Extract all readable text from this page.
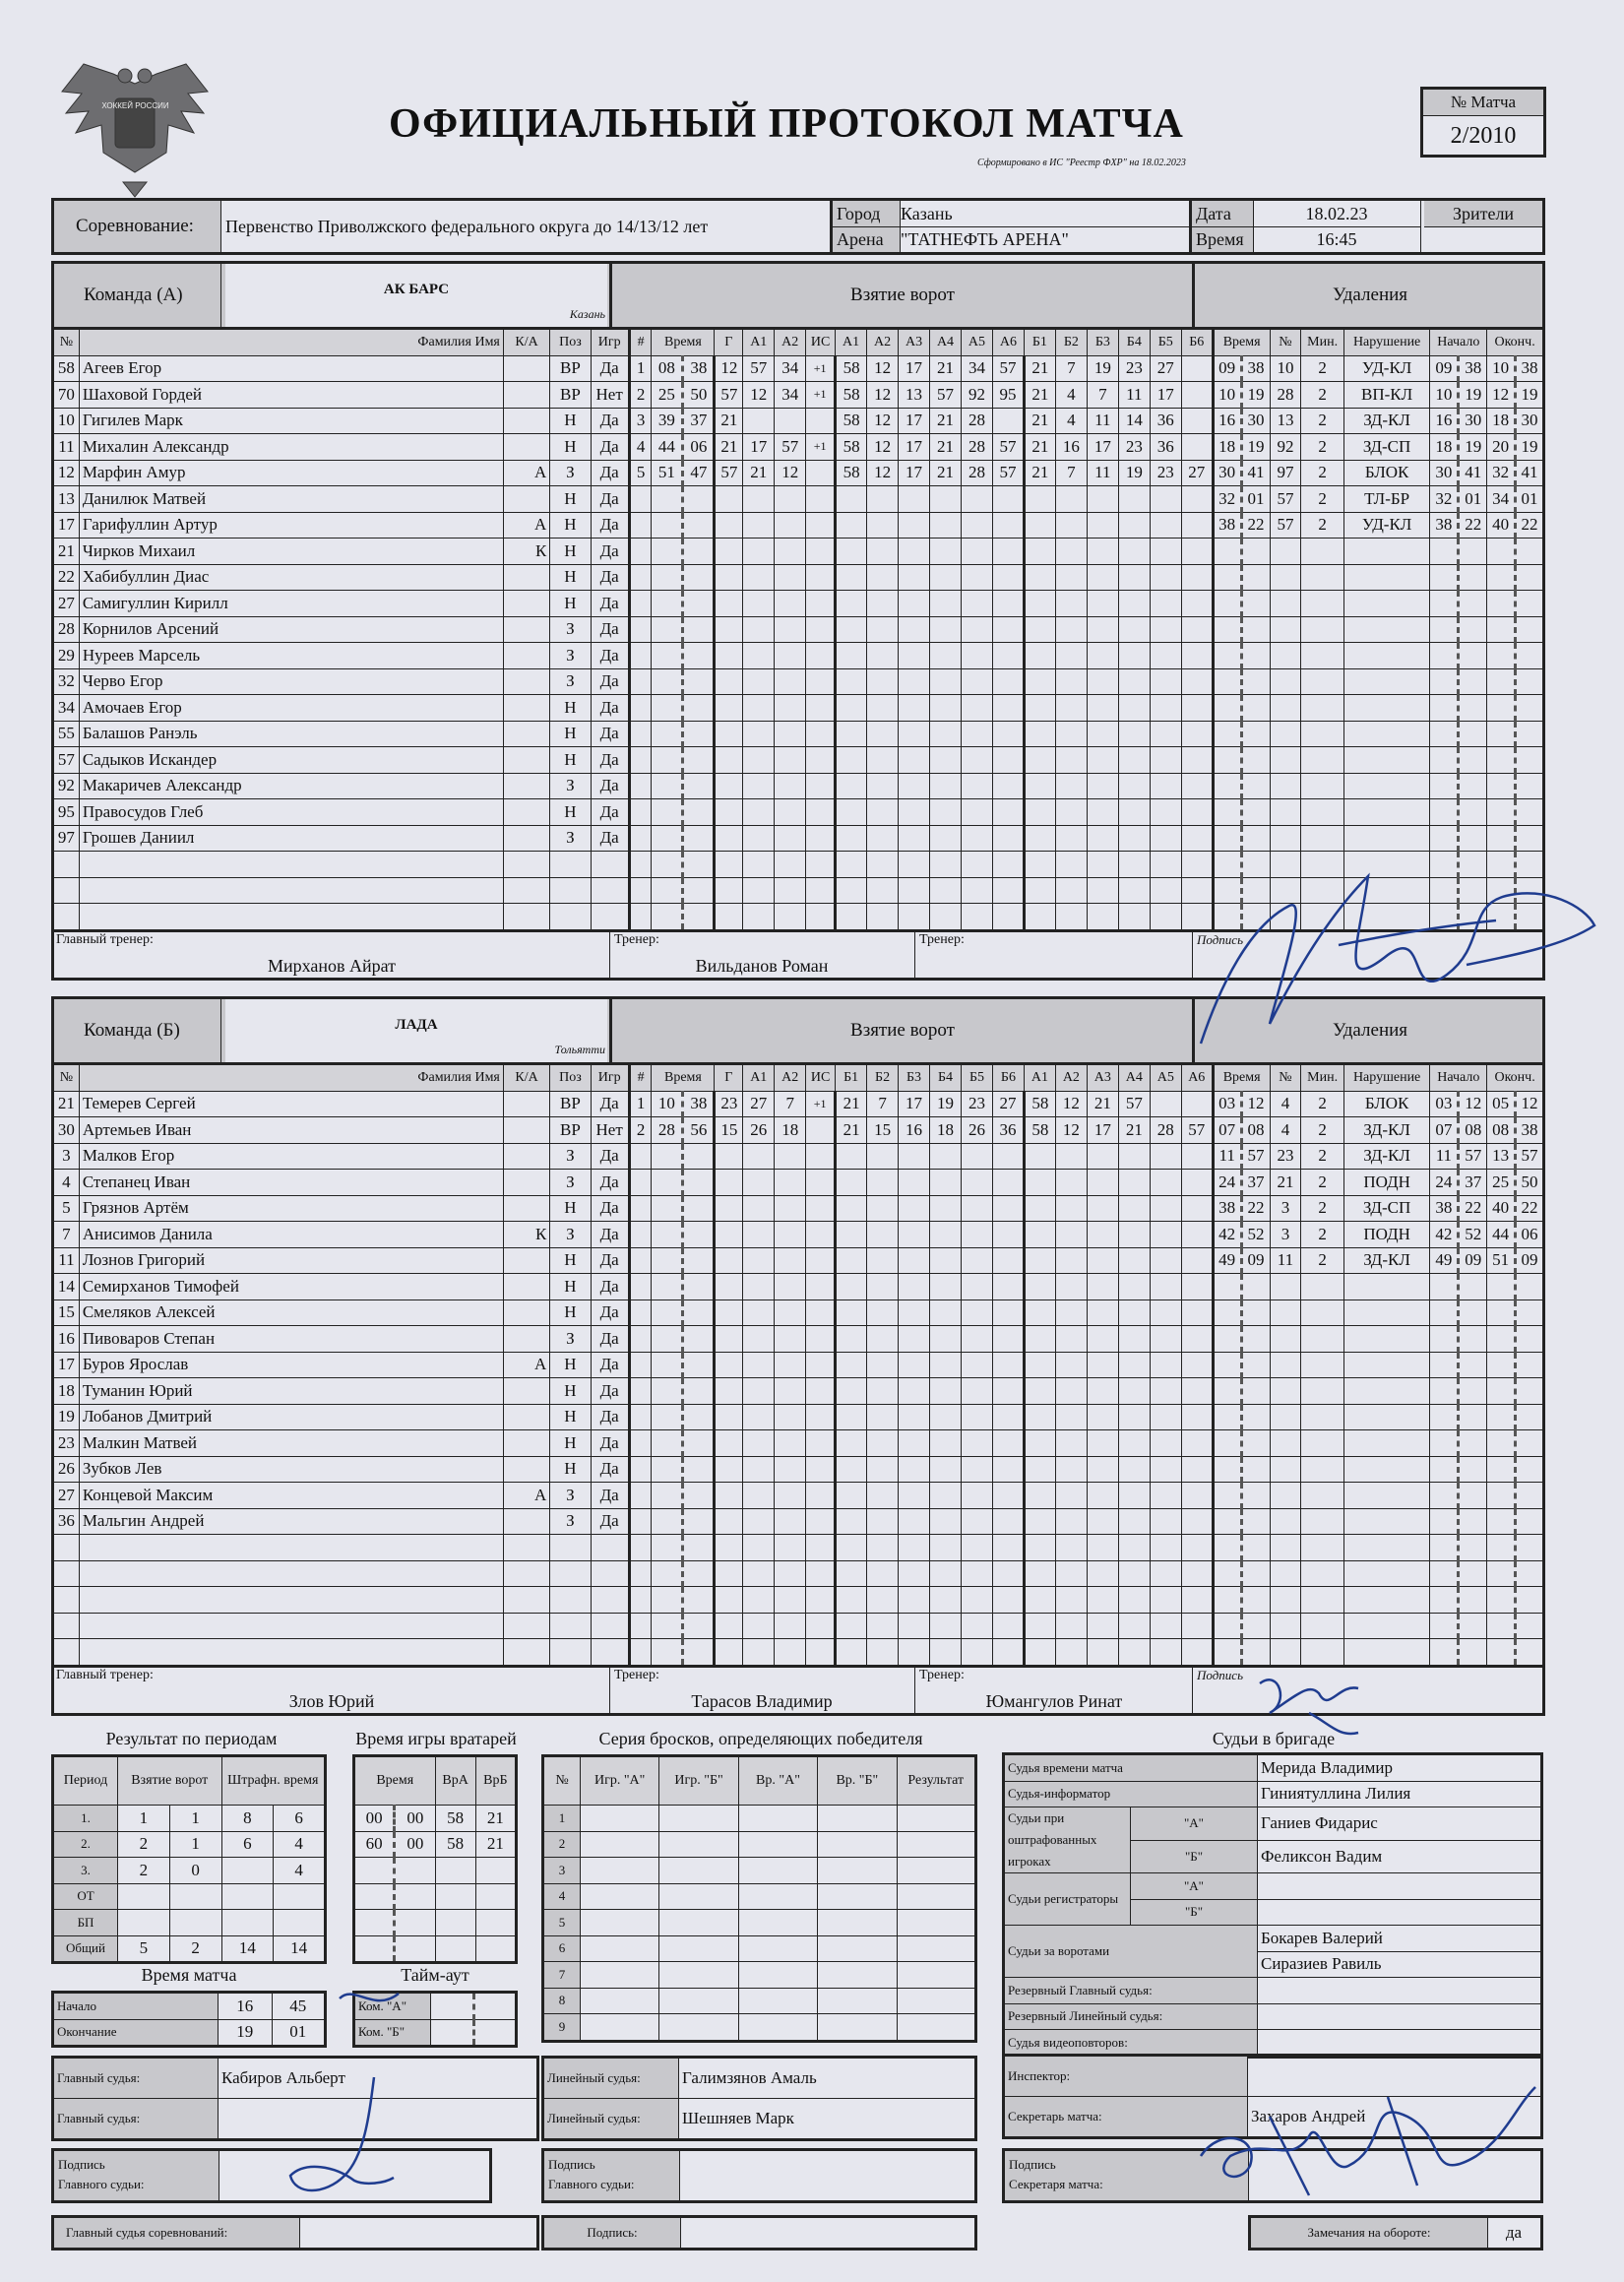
ХОККЕЙ РОССИИ	ОФИЦИАЛЬНЫЙ ПРОТОКОЛ МАТЧА
Сформировано в ИС "Реестр ФХР" на 18.02.2023
№ Матча
2/2010
Соревнование:	Первенство Приволжского федерального округа до 14/13/12 лет
Город	Казань
Арена "ТАТНЕФТЬ АРЕНА"
Дата	18.02.23
Время	16:45
Зрители
Команда (А)	АК БАРС
Казань
Взятие ворот	Удаления
№	Фамилия Имя	К/А	Поз	Игр	#	Время		Г	А1	А2	ИС	А1	А2	А3	А4	А5	А6	Б1	Б2	Б3	Б4	Б5	Б6	Время		№	Мин.	Нарушение	Начало		Оконч.	
58	Агеев Егор		ВР	Да	1	08	38	12	57	34	+1	58	12	17	21	34	57	21	7	19	23	27		09	38	10	2	УД-КЛ	09	38	10	38
70	Шаховой Гордей		ВР	Нет	2	25	50	57	12	34	+1	58	12	13	57	92	95	21	4	7	11	17		10	19	28	2	ВП-КЛ	10	19	12	19
10	Гигилев Марк		Н	Да	3	39	37	21				58	12	17	21	28		21	4	11	14	36		16	30	13	2	ЗД-КЛ	16	30	18	30
11	Михалин Александр		Н	Да	4	44	06	21	17	57	+1	58	12	17	21	28	57	21	16	17	23	36		18	19	92	2	ЗД-СП	18	19	20	19
12	Марфин Амур	А	З	Да	5	51	47	57	21	12		58	12	17	21	28	57	21	7	11	19	23	27	30	41	97	2	БЛОК	30	41	32	41
13	Данилюк Матвей		Н	Да																				32	01	57	2	ТЛ-БР	32	01	34	01
17	Гарифуллин Артур	А	Н	Да																				38	22	57	2	УД-КЛ	38	22	40	22
21	Чирков Михаил	К	Н	Да																												
22	Хабибуллин Диас		Н	Да																												
27	Самигуллин Кирилл		Н	Да																												
28	Корнилов Арсений		З	Да																												
29	Нуреев Марсель		З	Да																												
32	Черво Егор		З	Да																												
34	Амочаев Егор		Н	Да																												
55	Балашов Ранэль		Н	Да																												
57	Садыков Искандер		Н	Да																												
92	Макаричев Александр		З	Да																												
95	Правосудов Глеб		Н	Да																												
97	Грошев Даниил		З	Да																												

Главный тренер:
Мирханов Айрат
Тренер:
Вильданов Роман
Тренер:	Подпись
Команда (Б)	ЛАДА
Тольятти
Взятие ворот	Удаления
№	Фамилия Имя	К/А	Поз	Игр	#	Время		Г	А1	А2	ИС	Б1	Б2	Б3	Б4	Б5	Б6	А1	А2	А3	А4	А5	А6	Время		№	Мин.	Нарушение	Начало		Оконч.	
21	Темерев Сергей		ВР	Да	1	10	38	23	27	7	+1	21	7	17	19	23	27	58	12	21	57			03	12	4	2	БЛОК	03	12	05	12
30	Артемьев Иван		ВР	Нет	2	28	56	15	26	18		21	15	16	18	26	36	58	12	17	21	28	57	07	08	4	2	ЗД-КЛ	07	08	08	38
3	Малков Егор		З	Да																				11	57	23	2	ЗД-КЛ	11	57	13	57
4	Степанец Иван		З	Да																				24	37	21	2	ПОДН	24	37	25	50
5	Грязнов Артём		Н	Да																				38	22	3	2	ЗД-СП	38	22	40	22
7	Анисимов Данила	К	З	Да																				42	52	3	2	ПОДН	42	52	44	06
11	Лознов Григорий		Н	Да																				49	09	11	2	ЗД-КЛ	49	09	51	09
14	Семирханов Тимофей		Н	Да																												
15	Смеляков Алексей		Н	Да																												
16	Пивоваров Степан		З	Да																												
17	Буров Ярослав	А	Н	Да																												
18	Туманин Юрий		Н	Да																												
19	Лобанов Дмитрий		Н	Да																												
23	Малкин Матвей		Н	Да																												
26	Зубков Лев		Н	Да																												
27	Концевой Максим	А	З	Да																												
36	Мальгин Андрей		З	Да																												

Главный тренер:
Злов Юрий
Тренер:
Тарасов Владимир
Тренер:
Юмангулов Ринат
Подпись
Результат по периодам
Период	Взятие ворот		Штрафн. время	
1.	1	1	8	6
2.	2	1	6	4
3.	2	0		4
ОТ				
БП				
Общий	5	2	14	14
Время игры вратарей
Время		ВрА	ВрБ
00	00	58	21
60	00	58	21

Серия бросков, определяющих победителя
№	Игр. "А"	Игр. "Б"	Вр. "А"	Вр. "Б"	Результат
1					
2					
3					
4					
5					
6					
7					
8					
9					
Время матча
Начало	16	45
Окончание	19	01
Тайм-аут
Ком. "А"		
Ком. "Б"		
Судьи в бригаде
Судья времени матча		Мерида Владимир
Судья-информатор		Гиниятуллина Лилия
Судьи при оштрафованных игроках	"А"	Ганиев Фидарис
	"Б"	Феликсон Вадим
Судьи регистраторы	"А"	
	"Б"	
Судьи за воротами		Бокарев Валерий
		Сиразиев Равиль
Резервный Главный судья:		
Резервный Линейный судья:		
Судья видеоповторов:		
Главный судья:	Кабиров Альберт
Главный судья:	
Линейный судья:	Галимзянов Амаль
Линейный судья:	Шешняев Марк
Инспектор:	
Секретарь матча:	Захаров Андрей
Подпись
Главного судьи:
Подпись
Главного судьи:
Подпись
Секретаря матча:
Главный судья соревнований:	Подпись:	Замечания на обороте:	да
